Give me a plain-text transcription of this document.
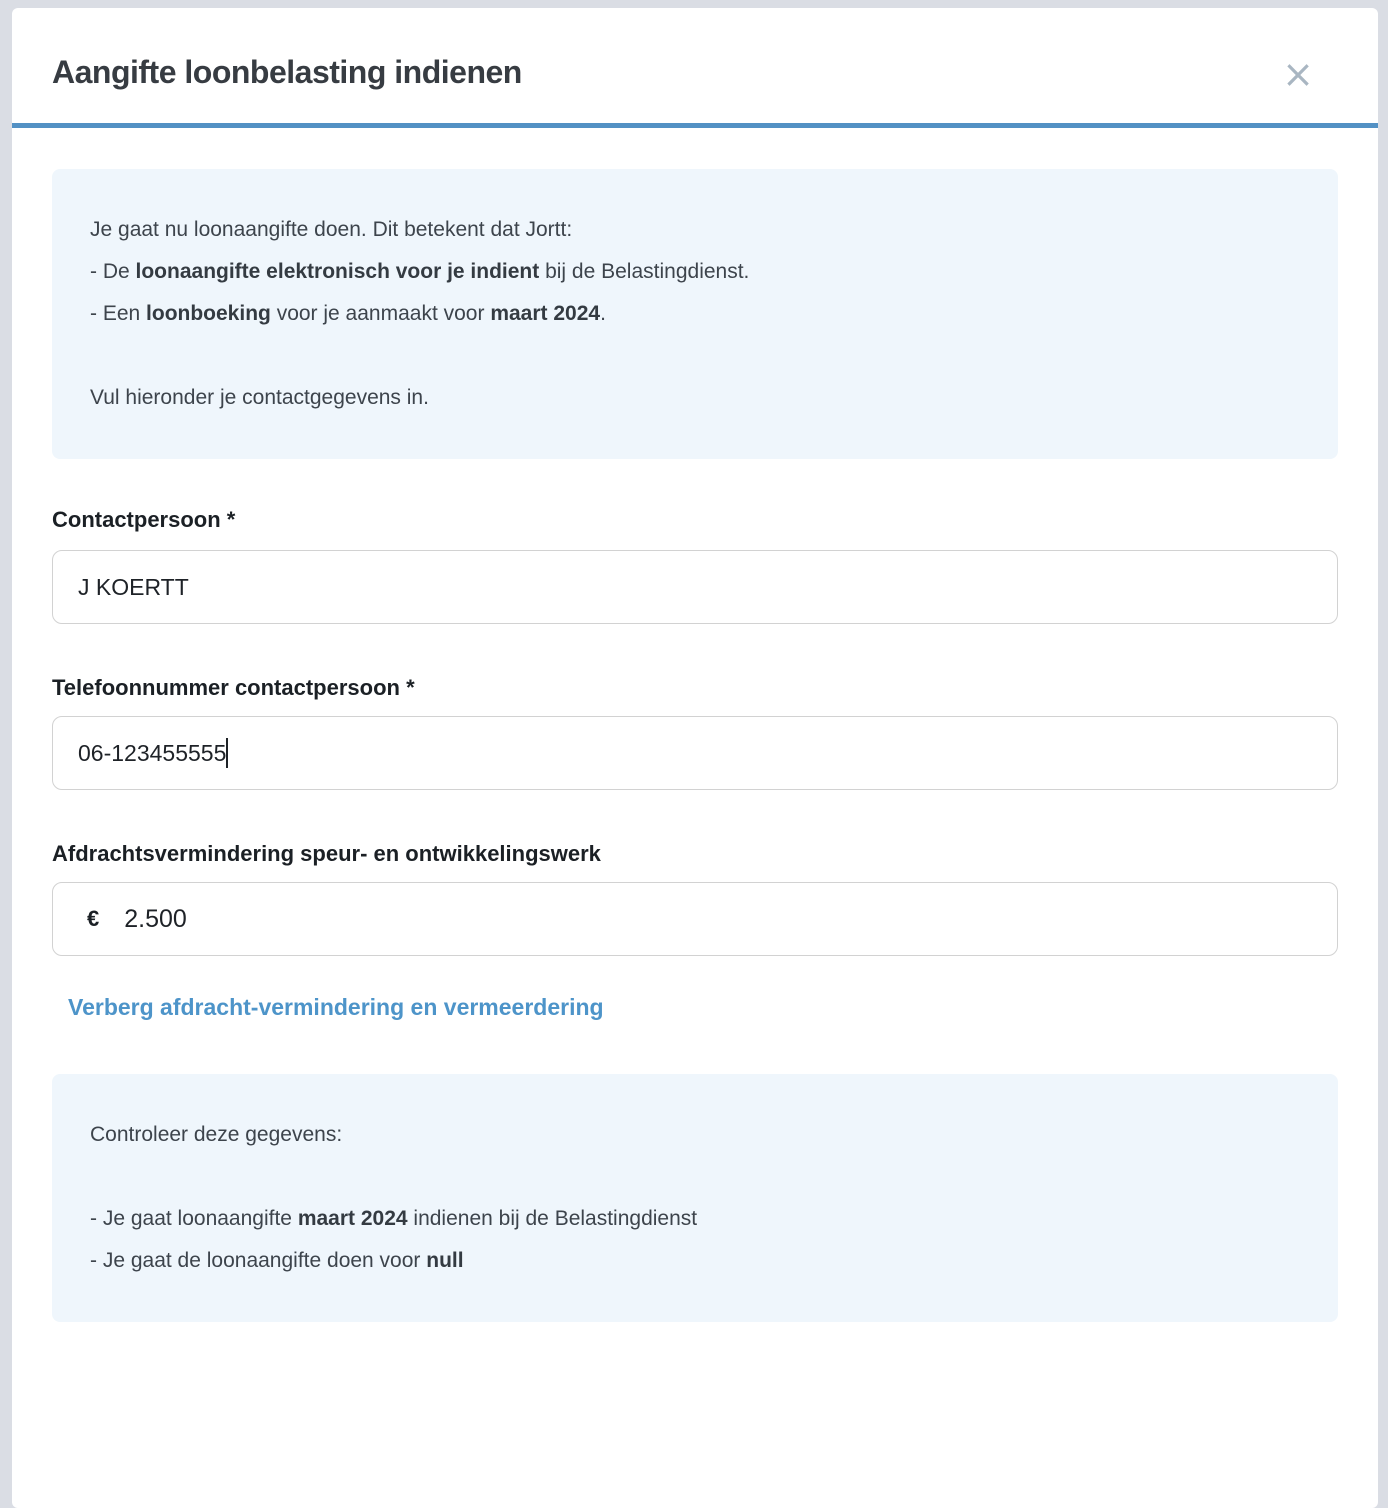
Aangifte loonbelasting indienen	×
Je gaat nu loonaangifte doen. Dit betekent dat Jortt:
- De loonaangifte elektronisch voor je indient bij de Belastingdienst.
- Een loonboeking voor je aanmaakt voor maart 2024.

Vul hieronder je contactgegevens in.
Contactpersoon *
J KOERTT
Telefoonnummer contactpersoon *
06-123455555
Afdrachtsvermindering speur- en ontwikkelingswerk
€
2.500
Verberg afdracht-vermindering en vermeerdering
Controleer deze gegevens:

- Je gaat loonaangifte maart 2024 indienen bij de Belastingdienst
- Je gaat de loonaangifte doen voor null
